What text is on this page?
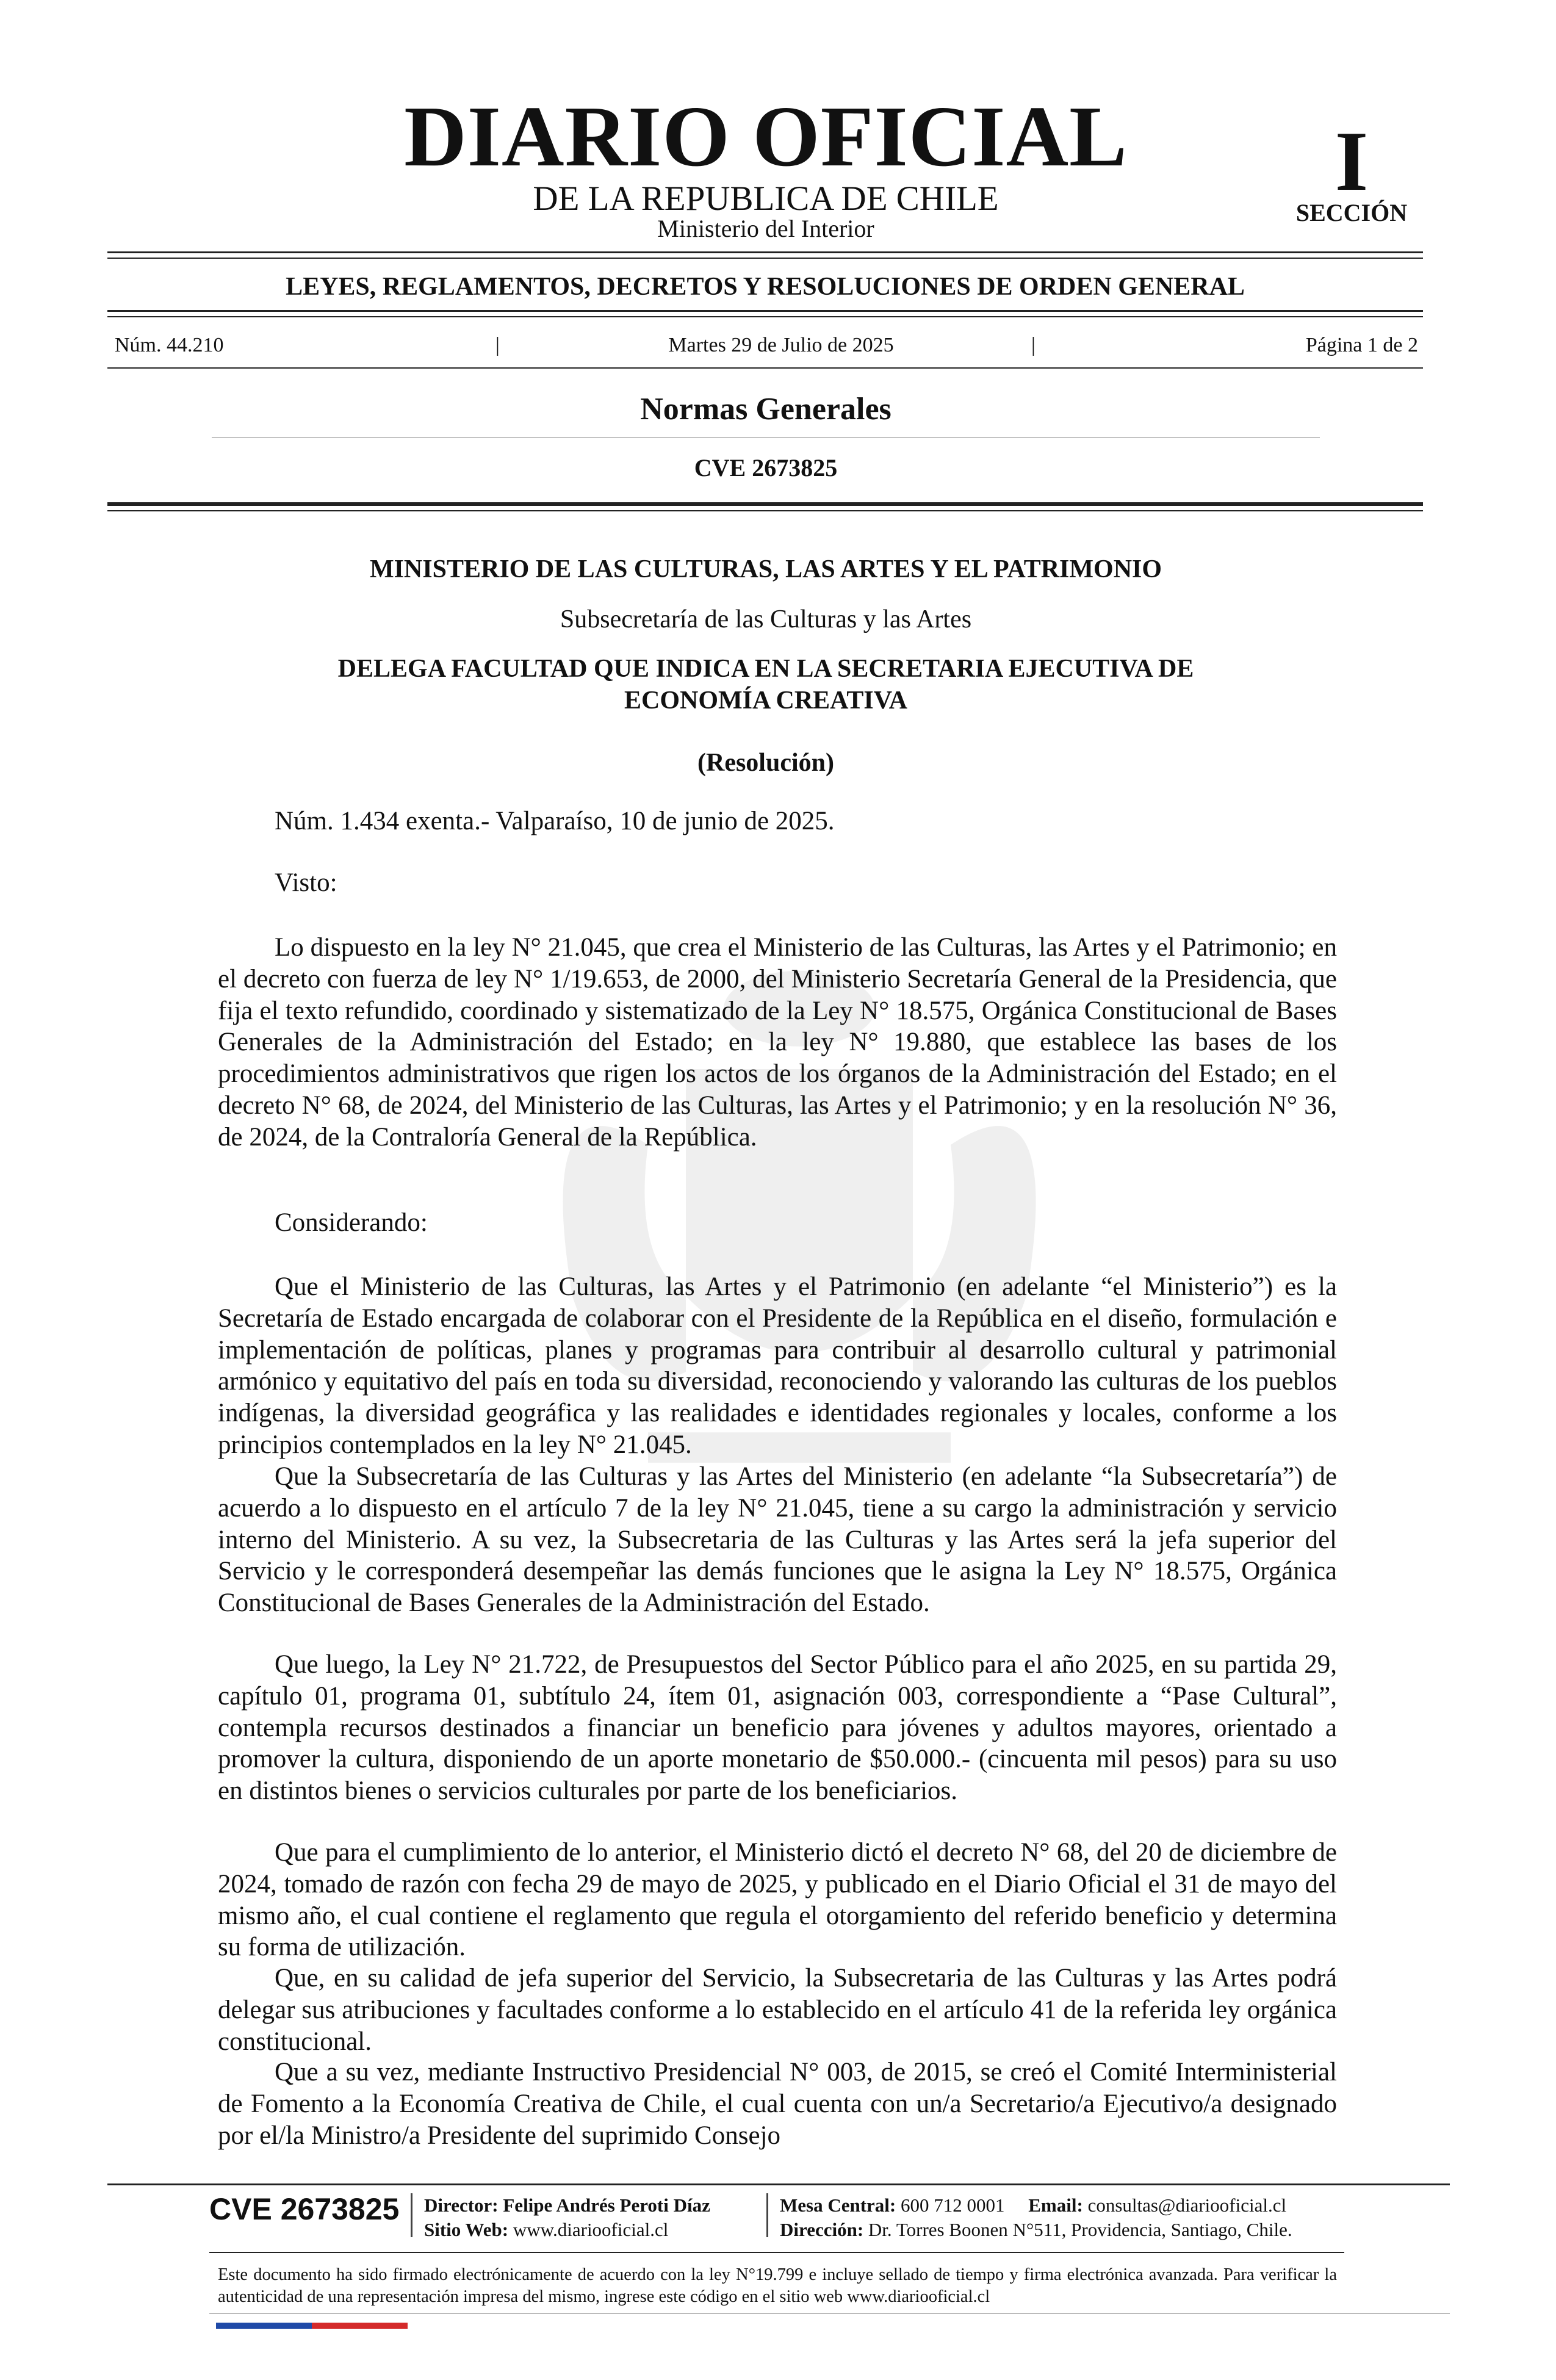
DIARIO OFICIAL
DE LA REPUBLICA DE CHILE
Ministerio del Interior
I
SECCIÓN
LEYES, REGLAMENTOS, DECRETOS Y RESOLUCIONES DE ORDEN GENERAL
Núm. 44.210	|	Martes 29 de Julio de 2025	|	Página 1 de 2
Normas Generales
CVE 2673825
MINISTERIO DE LAS CULTURAS, LAS ARTES Y EL PATRIMONIO
Subsecretaría de las Culturas y las Artes
DELEGA FACULTAD QUE INDICA EN LA SECRETARIA EJECUTIVA DE ECONOMÍA CREATIVA
(Resolución)
Núm. 1.434 exenta.- Valparaíso, 10 de junio de 2025.
Visto:
Lo dispuesto en la ley N° 21.045, que crea el Ministerio de las Culturas, las Artes y el Patrimonio; en el decreto con fuerza de ley N° 1/19.653, de 2000, del Ministerio Secretaría General de la Presidencia, que fija el texto refundido, coordinado y sistematizado de la Ley N° 18.575, Orgánica Constitucional de Bases Generales de la Administración del Estado; en la ley N° 19.880, que establece las bases de los procedimientos administrativos que rigen los actos de los órganos de la Administración del Estado; en el decreto N° 68, de 2024, del Ministerio de las Culturas, las Artes y el Patrimonio; y en la resolución N° 36, de 2024, de la Contraloría General de la República.
Considerando:
Que el Ministerio de las Culturas, las Artes y el Patrimonio (en adelante “el Ministerio”) es la Secretaría de Estado encargada de colaborar con el Presidente de la República en el diseño, formulación e implementación de políticas, planes y programas para contribuir al desarrollo cultural y patrimonial armónico y equitativo del país en toda su diversidad, reconociendo y valorando las culturas de los pueblos indígenas, la diversidad geográfica y las realidades e identidades regionales y locales, conforme a los principios contemplados en la ley N° 21.045.
Que la Subsecretaría de las Culturas y las Artes del Ministerio (en adelante “la Subsecretaría”) de acuerdo a lo dispuesto en el artículo 7 de la ley N° 21.045, tiene a su cargo la administración y servicio interno del Ministerio. A su vez, la Subsecretaria de las Culturas y las Artes será la jefa superior del Servicio y le corresponderá desempeñar las demás funciones que le asigna la Ley N° 18.575, Orgánica Constitucional de Bases Generales de la Administración del Estado.
Que luego, la Ley N° 21.722, de Presupuestos del Sector Público para el año 2025, en su partida 29, capítulo 01, programa 01, subtítulo 24, ítem 01, asignación 003, correspondiente a “Pase Cultural”, contempla recursos destinados a financiar un beneficio para jóvenes y adultos mayores, orientado a promover la cultura, disponiendo de un aporte monetario de $50.000.- (cincuenta mil pesos) para su uso en distintos bienes o servicios culturales por parte de los beneficiarios.
Que para el cumplimiento de lo anterior, el Ministerio dictó el decreto N° 68, del 20 de diciembre de 2024, tomado de razón con fecha 29 de mayo de 2025, y publicado en el Diario Oficial el 31 de mayo del mismo año, el cual contiene el reglamento que regula el otorgamiento del referido beneficio y determina su forma de utilización.
Que, en su calidad de jefa superior del Servicio, la Subsecretaria de las Culturas y las Artes podrá delegar sus atribuciones y facultades conforme a lo establecido en el artículo 41 de la referida ley orgánica constitucional.
Que a su vez, mediante Instructivo Presidencial N° 003, de 2015, se creó el Comité Interministerial de Fomento a la Economía Creativa de Chile, el cual cuenta con un/a Secretario/a Ejecutivo/a designado por el/la Ministro/a Presidente del suprimido Consejo
CVE 2673825 Director: Felipe Andrés Peroti Díaz
Sitio Web: www.diariooficial.cl
Mesa Central: 600 712 0001 Email: consultas@diariooficial.cl
Dirección: Dr. Torres Boonen N°511, Providencia, Santiago, Chile.
Este documento ha sido firmado electrónicamente de acuerdo con la ley N°19.799 e incluye sellado de tiempo y firma electrónica avanzada. Para verificar la autenticidad de una representación impresa del mismo, ingrese este código en el sitio web www.diariooficial.cl
